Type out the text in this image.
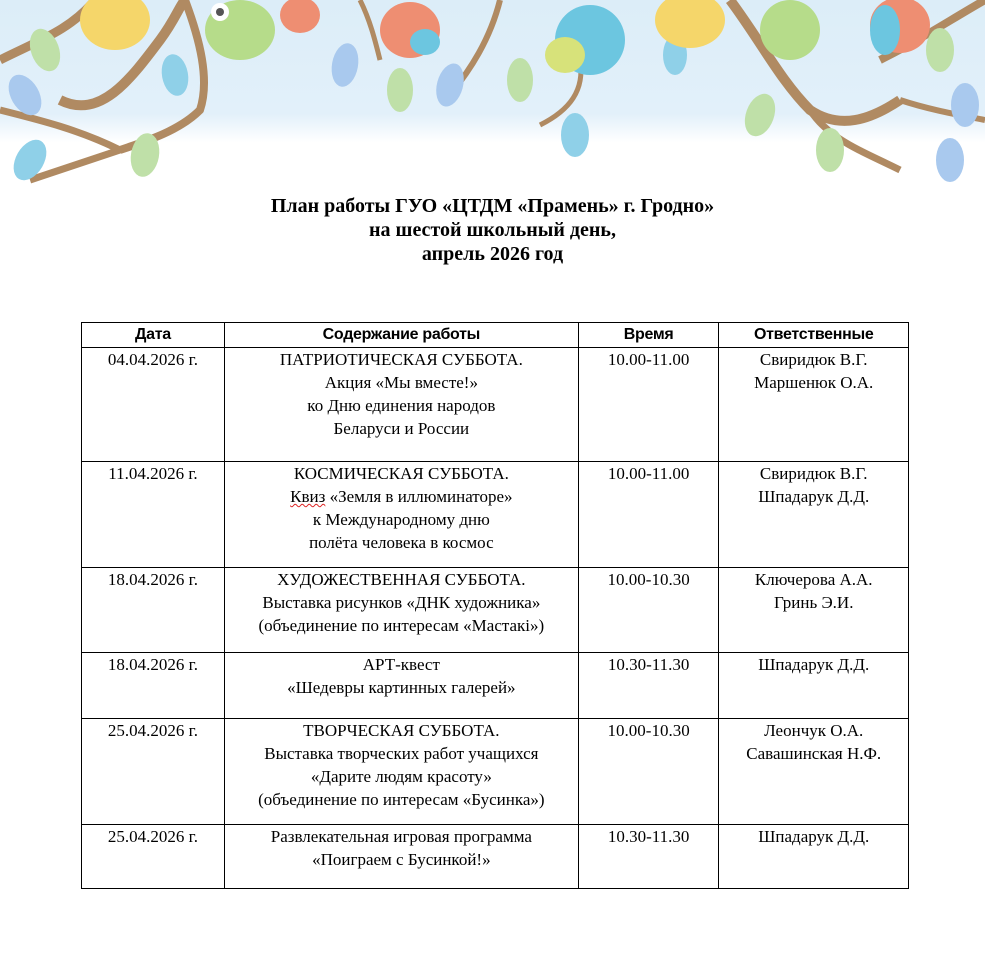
План работы ГУО «ЦТДМ «Прамень» г. Гродно»
на шестой школьный день,
апрель 2026 год
Дата	Содержание работы	Время	Ответственные
04.04.2026 г.	ПАТРИОТИЧЕСКАЯ СУББОТА.
Акция «Мы вместе!»
ко Дню единения народов
Беларуси и России	10.00-11.00	Свиридюк В.Г.
Маршенюк О.А.

11.04.2026 г.	КОСМИЧЕСКАЯ СУББОТА.
Квиз «Земля в иллюминаторе»
к Международному дню
полёта человека в космос	10.00-11.00	Свиридюк В.Г.
Шпадарук Д.Д.

18.04.2026 г.	ХУДОЖЕСТВЕННАЯ СУББОТА.
Выставка рисунков «ДНК художника»
(объединение по интересам «Мастакі»)	10.00-10.30	Ключерова А.А.
Гринь Э.И.

18.04.2026 г.	АРТ-квест
«Шедевры картинных галерей»	10.30-11.30	Шпадарук Д.Д.

25.04.2026 г.	ТВОРЧЕСКАЯ СУББОТА.
Выставка творческих работ учащихся
«Дарите людям красоту»
(объединение по интересам «Бусинка»)	10.00-10.30	Леончук О.А.
Савашинская Н.Ф.

25.04.2026 г.	Развлекательная игровая программа
«Поиграем с Бусинкой!»	10.30-11.30	Шпадарук Д.Д.
